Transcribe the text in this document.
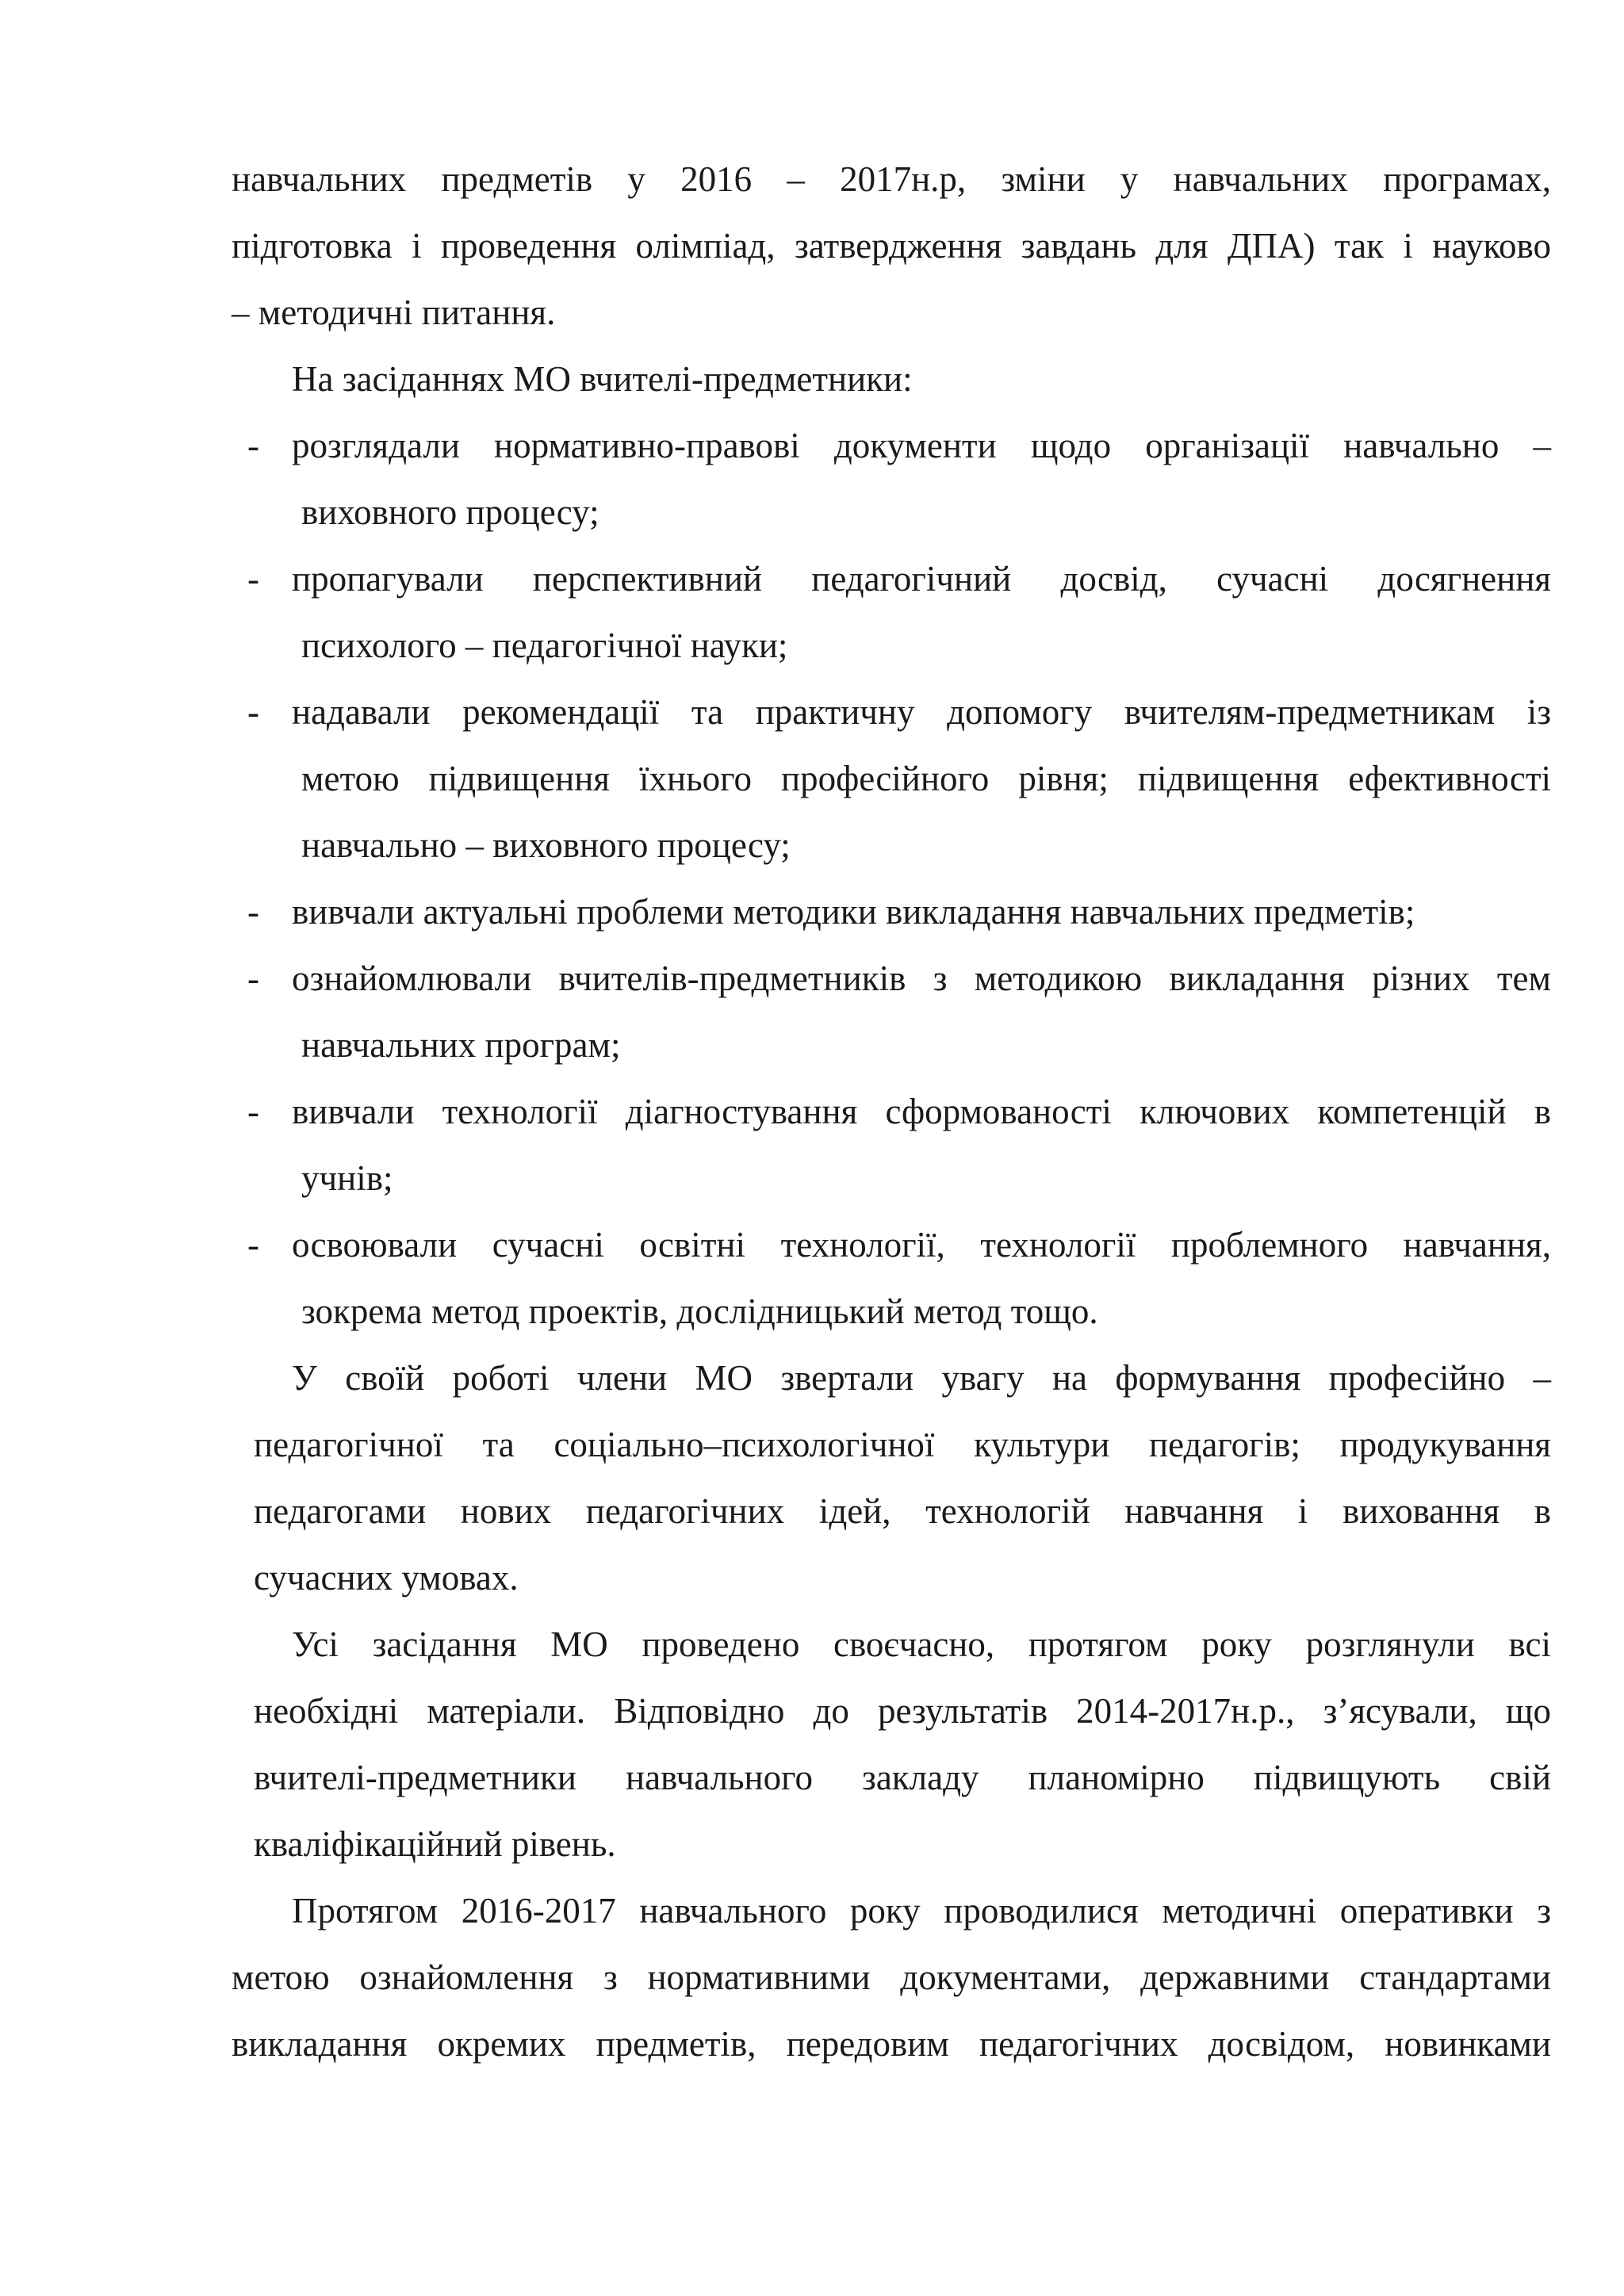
навчальних предметів у 2016 – 2017н.р, зміни у навчальних програмах,

підготовка і проведення олімпіад, затвердження завдань для ДПА) так і науково

– методичні питання.

На засіданнях МО вчителі-предметники:

- розглядали нормативно-правові документи щодо організації навчально –

виховного процесу;

- пропагували перспективний педагогічний досвід, сучасні досягнення

психолого – педагогічної науки;

- надавали рекомендації та практичну допомогу вчителям-предметникам із

метою підвищення їхнього професійного рівня; підвищення ефективності

навчально – виховного процесу;

- вивчали актуальні проблеми методики викладання навчальних предметів;

- ознайомлювали вчителів-предметників з методикою викладання різних тем

навчальних програм;

- вивчали технології діагностування сформованості ключових компетенцій в

учнів;

- освоювали сучасні освітні технології, технології проблемного навчання,

зокрема метод проектів, дослідницький метод тощо.

У своїй роботі члени МО звертали увагу на формування професійно –

педагогічної та соціально–психологічної культури педагогів; продукування

педагогами нових педагогічних ідей, технологій навчання і виховання в

сучасних умовах.

Усі засідання МО проведено своєчасно, протягом року розглянули всі

необхідні матеріали. Відповідно до результатів 2014-2017н.р., з’ясували, що

вчителі-предметники навчального закладу планомірно підвищують свій

кваліфікаційний рівень.

Протягом 2016-2017 навчального року проводилися методичні оперативки з

метою ознайомлення з нормативними документами, державними стандартами

викладання окремих предметів, передовим педагогічних досвідом, новинками
